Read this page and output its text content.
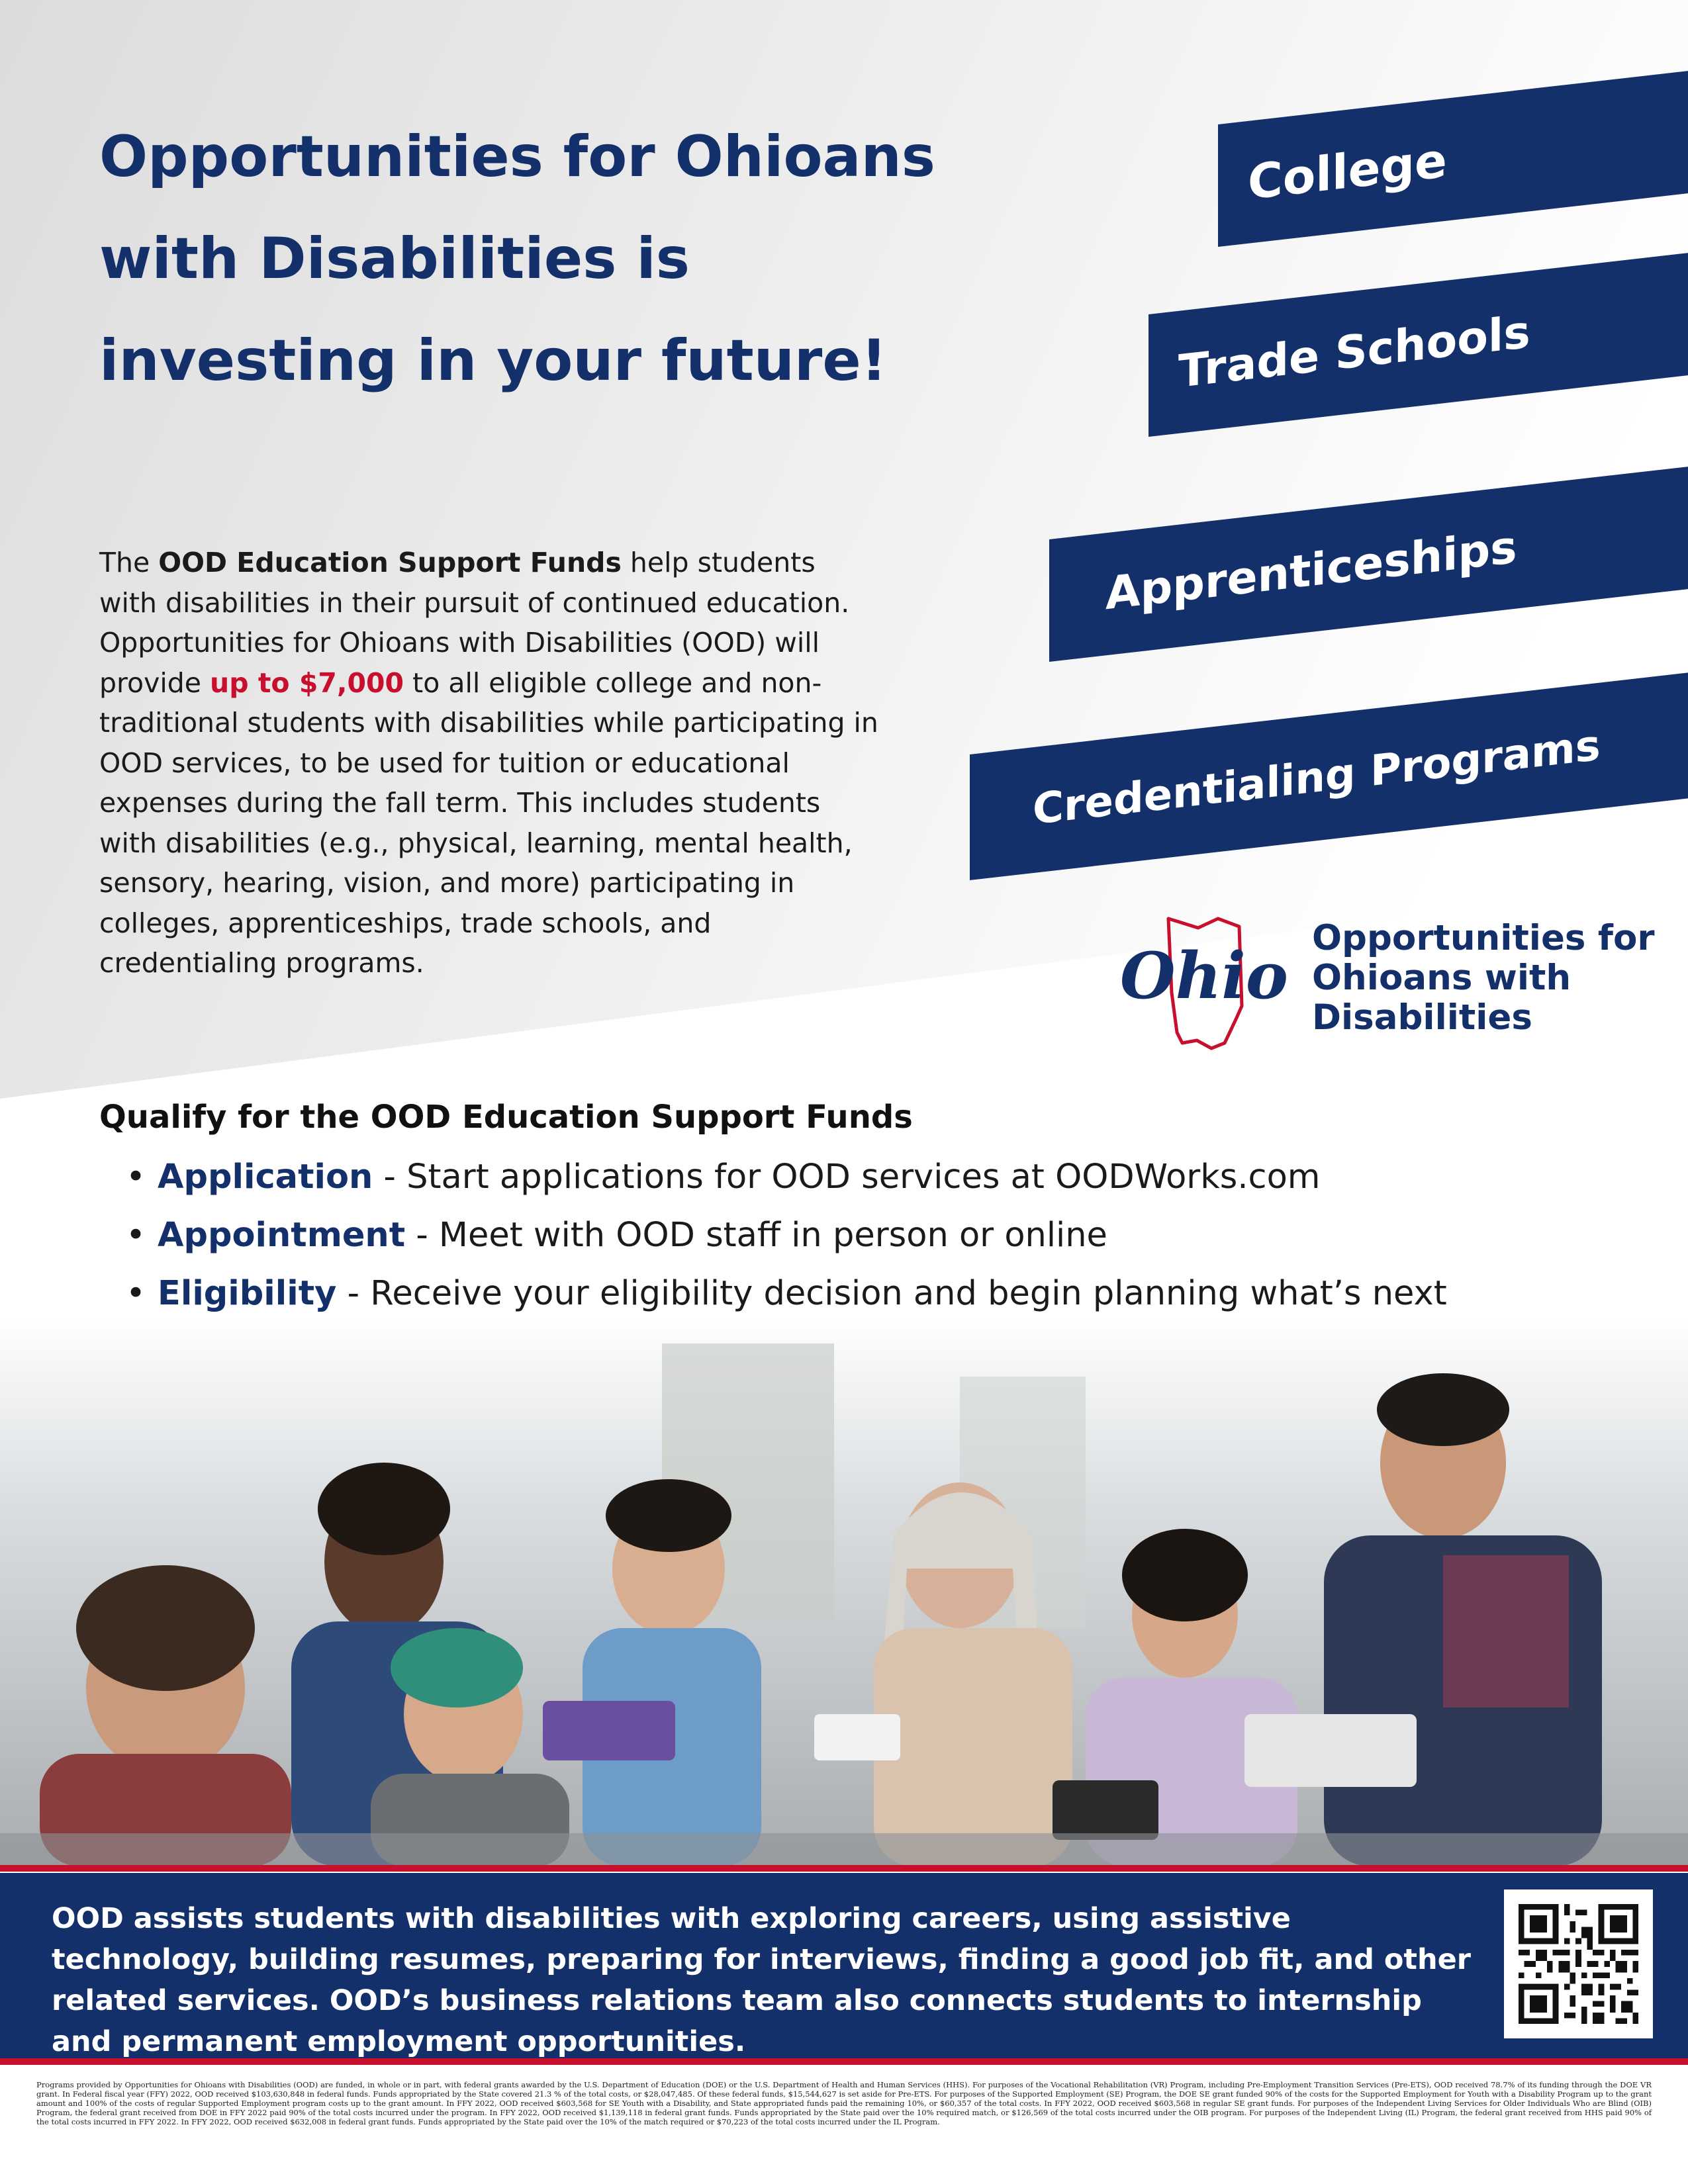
Opportunities for Ohioans
with Disabilities is
investing in your future!
College
Trade Schools
Apprenticeships
Credentialing Programs

The OOD Education Support Funds help students with disabilities in their pursuit of continued education. Opportunities for Ohioans with Disabilities (OOD) will provide up to $7,000 to all eligible college and non-traditional students with disabilities while participating in OOD services, to be used for tuition or educational expenses during the fall term. This includes students with disabilities (e.g., physical, learning, mental health, sensory, hearing, vision, and more) participating in colleges, apprenticeships, trade schools, and credentialing programs.	Ohio
Opportunities for
Ohioans with
Disabilities
Qualify for the OOD Education Support Funds
• Application - Start applications for OOD services at OODWorks.com
• Appointment - Meet with OOD staff in person or online
• Eligibility - Receive your eligibility decision and begin planning what’s next

OOD assists students with disabilities with exploring careers, using assistive technology, building resumes, preparing for interviews, finding a good job fit, and other related services. OOD’s business relations team also connects students to internship and permanent employment opportunities.

Programs provided by Opportunities for Ohioans with Disabilities (OOD) are funded, in whole or in part, with federal grants awarded by the U.S. Department of Education (DOE) or the U.S. Department of Health and Human Services (HHS). For purposes of the Vocational Rehabilitation (VR) Program, including Pre-Employment Transition Services (Pre-ETS), OOD received 78.7% of its funding through the DOE VR grant. In Federal fiscal year (FFY) 2022, OOD received $103,630,848 in federal funds. Funds appropriated by the State covered 21.3 % of the total costs, or $28,047,485. Of these federal funds, $15,544,627 is set aside for Pre-ETS. For purposes of the Supported Employment (SE) Program, the DOE SE grant funded 90% of the costs for the Supported Employment for Youth with a Disability Program up to the grant amount and 100% of the costs of regular Supported Employment program costs up to the grant amount. In FFY 2022, OOD received $603,568 for SE Youth with a Disability, and State appropriated funds paid the remaining 10%, or $60,357 of the total costs. In FFY 2022, OOD received $603,568 in regular SE grant funds. For purposes of the Independent Living Services for Older Individuals Who are Blind (OIB) Program, the federal grant received from DOE in FFY 2022 paid 90% of the total costs incurred under the program. In FFY 2022, OOD received $1,139,118 in federal grant funds. Funds appropriated by the State paid over the 10% required match, or $126,569 of the total costs incurred under the OIB program. For purposes of the Independent Living (IL) Program, the federal grant received from HHS paid 90% of the total costs incurred in FFY 2022. In FFY 2022, OOD received $632,008 in federal grant funds. Funds appropriated by the State paid over the 10% of the match required or $70,223 of the total costs incurred under the IL Program.
